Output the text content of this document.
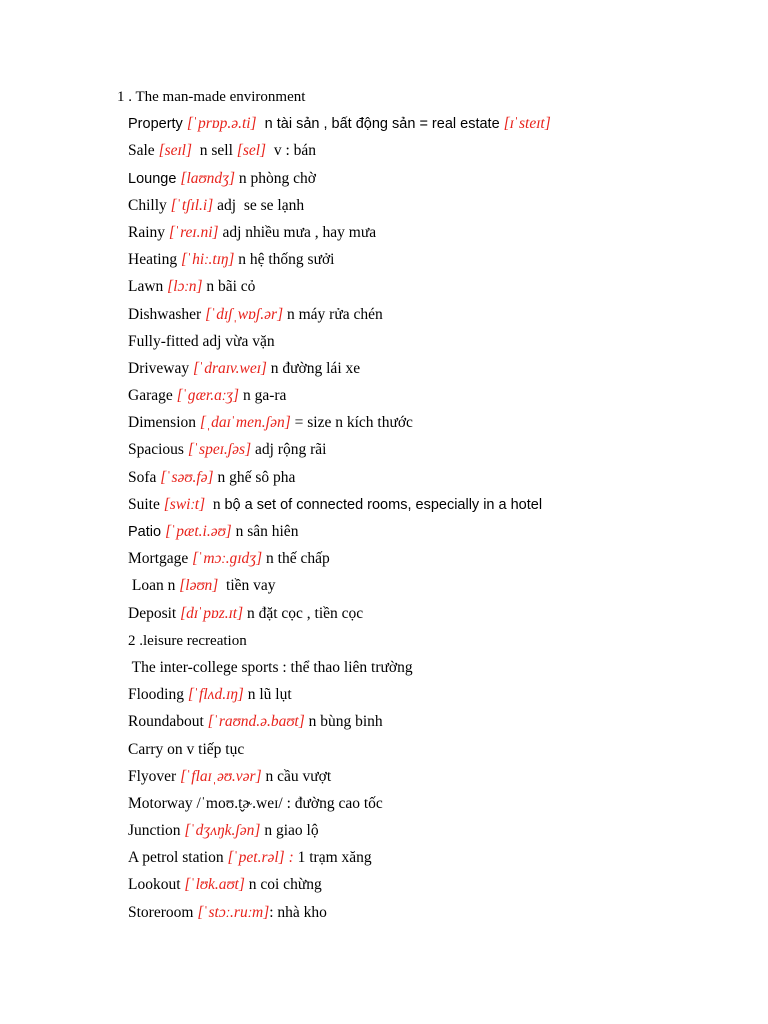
1 . The man-made environment
Property [ˈprɒp.ə.ti]  n tài sản , bất động sản = real estate [ɪˈsteɪt]
Sale [seɪl]  n sell [sel]  v : bán
Lounge [laʊndʒ] n phòng chờ
Chilly [ˈtʃɪl.i] adj  se se lạnh
Rainy [ˈreɪ.ni] adj nhiều mưa , hay mưa
Heating [ˈhiː.tɪŋ] n hệ thống sưởi
Lawn [lɔːn] n bãi cỏ
Dishwasher [ˈdɪʃˌwɒʃ.ər] n máy rửa chén
Fully-fitted adj vừa vặn
Driveway [ˈdraɪv.weɪ] n đường lái xe
Garage [ˈɡær.ɑːʒ] n ga-ra
Dimension [ˌdaɪˈmen.ʃən] = size n kích thước
Spacious [ˈspeɪ.ʃəs] adj rộng rãi
Sofa [ˈsəʊ.fə] n ghế sô pha
Suite [swiːt]  n bộ a set of connected rooms, especially in a hotel
Patio [ˈpæt.i.əʊ] n sân hiên
Mortgage [ˈmɔː.ɡɪdʒ] n thế chấp
Loan n [ləʊn]  tiền vay
Deposit [dɪˈpɒz.ɪt] n đặt cọc , tiền cọc
2 .leisure recreation
The inter-college sports : thể thao liên trường
Flooding [ˈflʌd.ɪŋ] n lũ lụt
Roundabout [ˈraʊnd.ə.baʊt] n bùng binh
Carry on v tiếp tục
Flyover [ˈflaɪˌəʊ.vər] n cầu vượt
Motorway /ˈmoʊ.t̬ɚ.weɪ/ : đường cao tốc
Junction [ˈdʒʌŋk.ʃən] n giao lộ
A petrol station [ˈpet.rəl] : 1 trạm xăng
Lookout [ˈlʊk.aʊt] n coi chừng
Storeroom [ˈstɔː.ruːm]: nhà kho
